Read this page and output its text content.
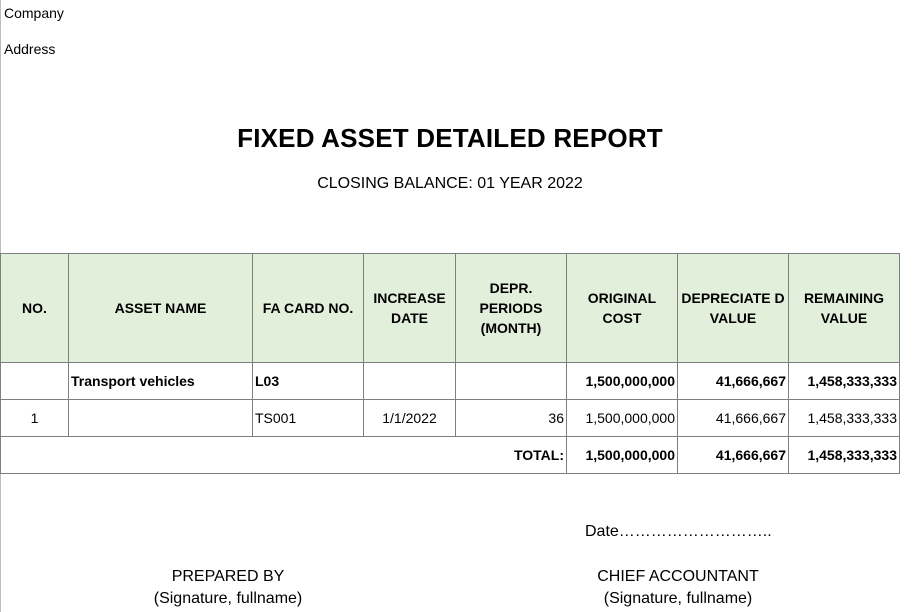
Company
Address
FIXED ASSET DETAILED REPORT
CLOSING BALANCE: 01 YEAR 2022
NO.	ASSET NAME	FA CARD NO.	INCREASE DATE	DEPR. PERIODS (MONTH)	ORIGINAL COST	DEPRECIATE D VALUE	REMAINING VALUE
	Transport vehicles	L03			1,500,000,000	41,666,667	1,458,333,333
1		TS001	1/1/2022	36	1,500,000,000	41,666,667	1,458,333,333
TOTAL:					1,500,000,000	41,666,667	1,458,333,333
Date………………………..
PREPARED BY
(Signature, fullname)
CHIEF ACCOUNTANT
(Signature, fullname)
